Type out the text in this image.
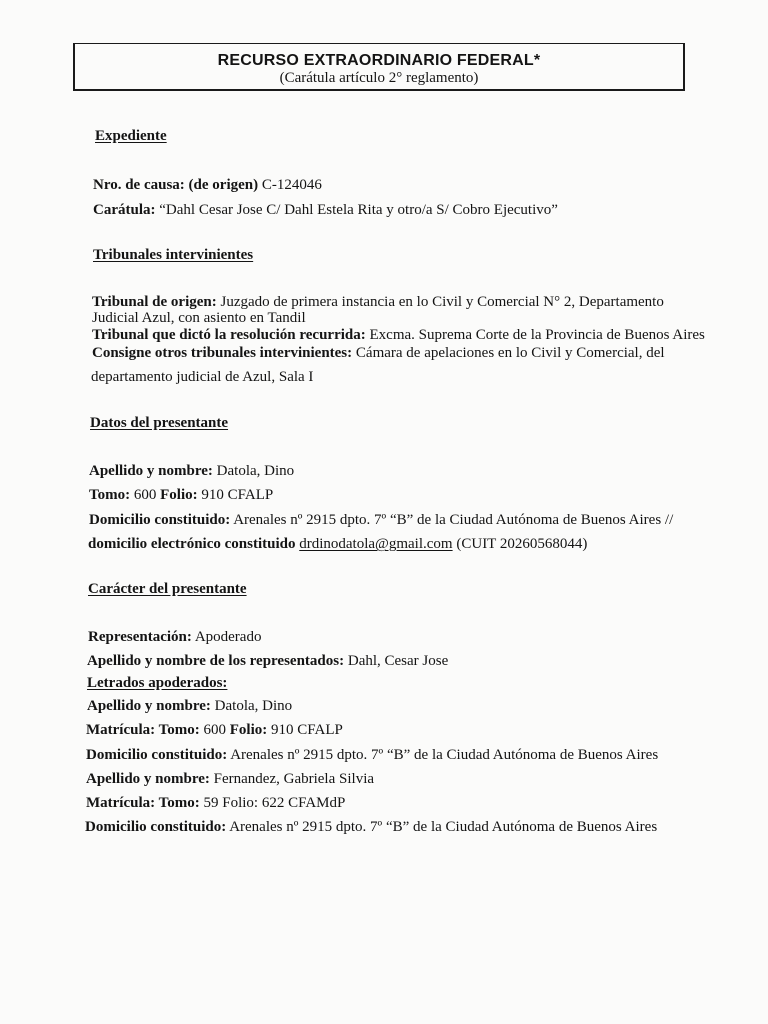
RECURSO EXTRAORDINARIO FEDERAL*
(Carátula artículo 2° reglamento)
Expediente
Nro. de causa: (de origen) C-124046
Carátula: “Dahl Cesar Jose C/ Dahl Estela Rita y otro/a S/ Cobro Ejecutivo”
Tribunales intervinientes
Tribunal de origen: Juzgado de primera instancia en lo Civil y Comercial N° 2, Departamento
Judicial Azul, con asiento en Tandil
Tribunal que dictó la resolución recurrida: Excma. Suprema Corte de la Provincia de Buenos Aires
Consigne otros tribunales intervinientes: Cámara de apelaciones en lo Civil y Comercial, del
departamento judicial de Azul, Sala I
Datos del presentante
Apellido y nombre: Datola, Dino
Tomo: 600 Folio: 910 CFALP
Domicilio constituido: Arenales nº 2915 dpto. 7º “B” de la Ciudad Autónoma de Buenos Aires //
domicilio electrónico constituido drdinodatola@gmail.com (CUIT 20260568044)
Carácter del presentante
Representación: Apoderado
Apellido y nombre de los representados: Dahl, Cesar Jose
Letrados apoderados:
Apellido y nombre: Datola, Dino
Matrícula: Tomo: 600 Folio: 910 CFALP
Domicilio constituido: Arenales nº 2915 dpto. 7º “B” de la Ciudad Autónoma de Buenos Aires
Apellido y nombre: Fernandez, Gabriela Silvia
Matrícula: Tomo: 59 Folio: 622 CFAMdP
Domicilio constituido: Arenales nº 2915 dpto. 7º “B” de la Ciudad Autónoma de Buenos Aires
